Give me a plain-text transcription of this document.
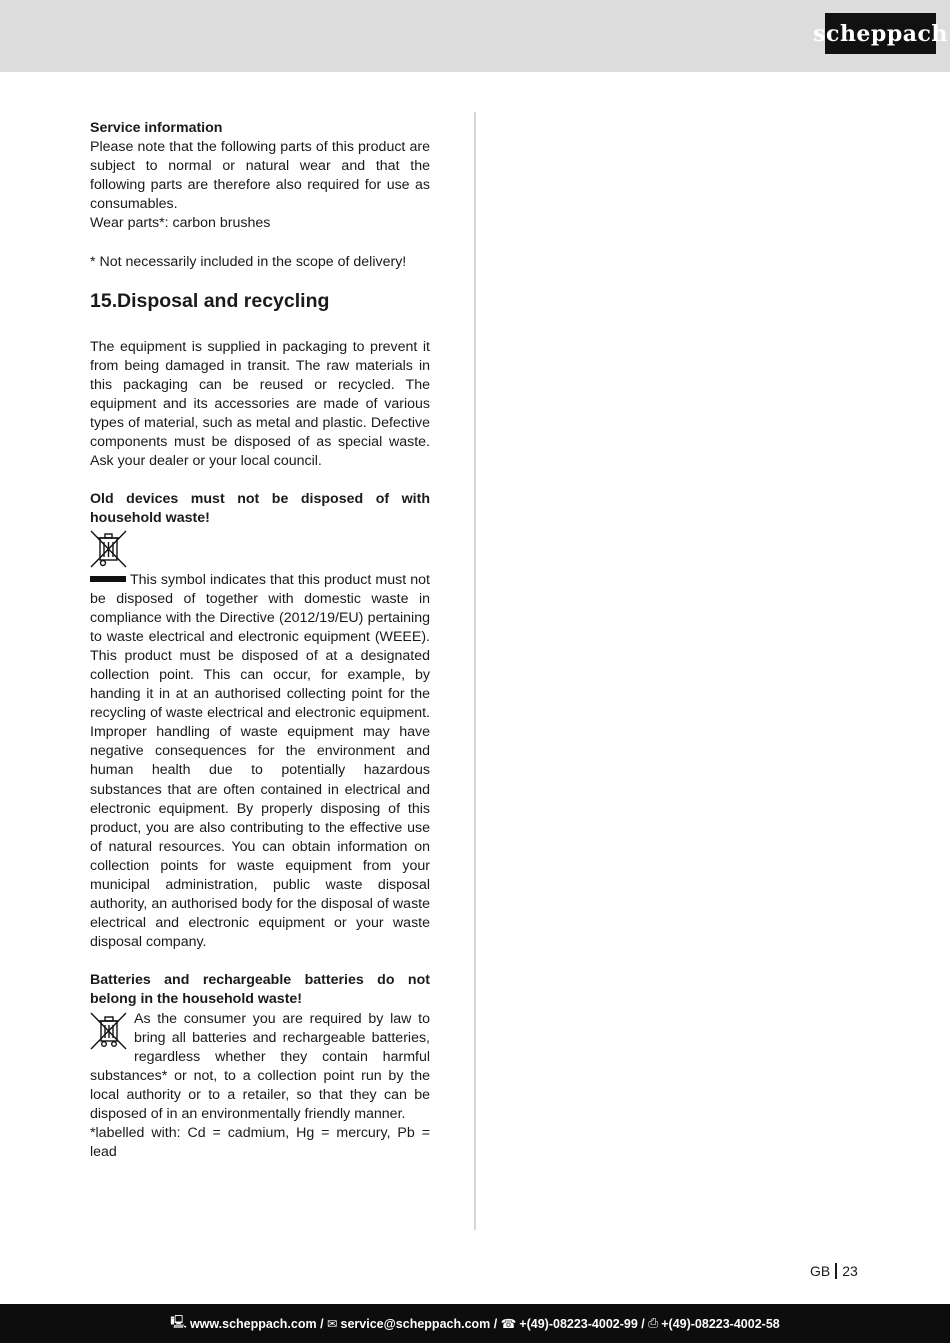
scheppach

Service information

Please note that the following parts of this product are subject to normal or natural wear and that the following parts are therefore also required for use as consumables.

Wear parts*: carbon brushes

* Not necessarily included in the scope of delivery!

15.Disposal and recycling

The equipment is supplied in packaging to prevent it from being damaged in transit. The raw materials in this packaging can be reused or recycled. The equipment and its accessories are made of various types of material, such as metal and plastic. Defective components must be disposed of as special waste. Ask your dealer or your local council.

Old devices must not be disposed of with household waste!

This symbol indicates that this product must not be disposed of together with domestic waste in compliance with the Directive (2012/19/EU) pertaining to waste electrical and electronic equipment (WEEE). This product must be disposed of at a designated collection point. This can occur, for example, by handing it in at an authorised collecting point for the recycling of waste electrical and electronic equipment. Improper handling of waste equipment may have negative consequences for the environment and human health due to potentially hazardous substances that are often contained in electrical and electronic equipment. By properly disposing of this product, you are also contributing to the effective use of natural resources. You can obtain information on collection points for waste equipment from your municipal administration, public waste disposal authority, an authorised body for the disposal of waste electrical and electronic equipment or your waste disposal company.

Batteries and rechargeable batteries do not belong in the household waste!

As the consumer you are required by law to bring all batteries and rechargeable batteries, regardless whether they contain harmful substances* or not, to a collection point run by the local authority or to a retailer, so that they can be disposed of in an environmentally friendly manner.

*labelled with: Cd = cadmium, Hg = mercury, Pb = lead

GB 23
🖳 www.scheppach.com /
✉ service@scheppach.com /
☎ +(49)-08223-4002-99 /
⎙ +(49)-08223-4002-58
